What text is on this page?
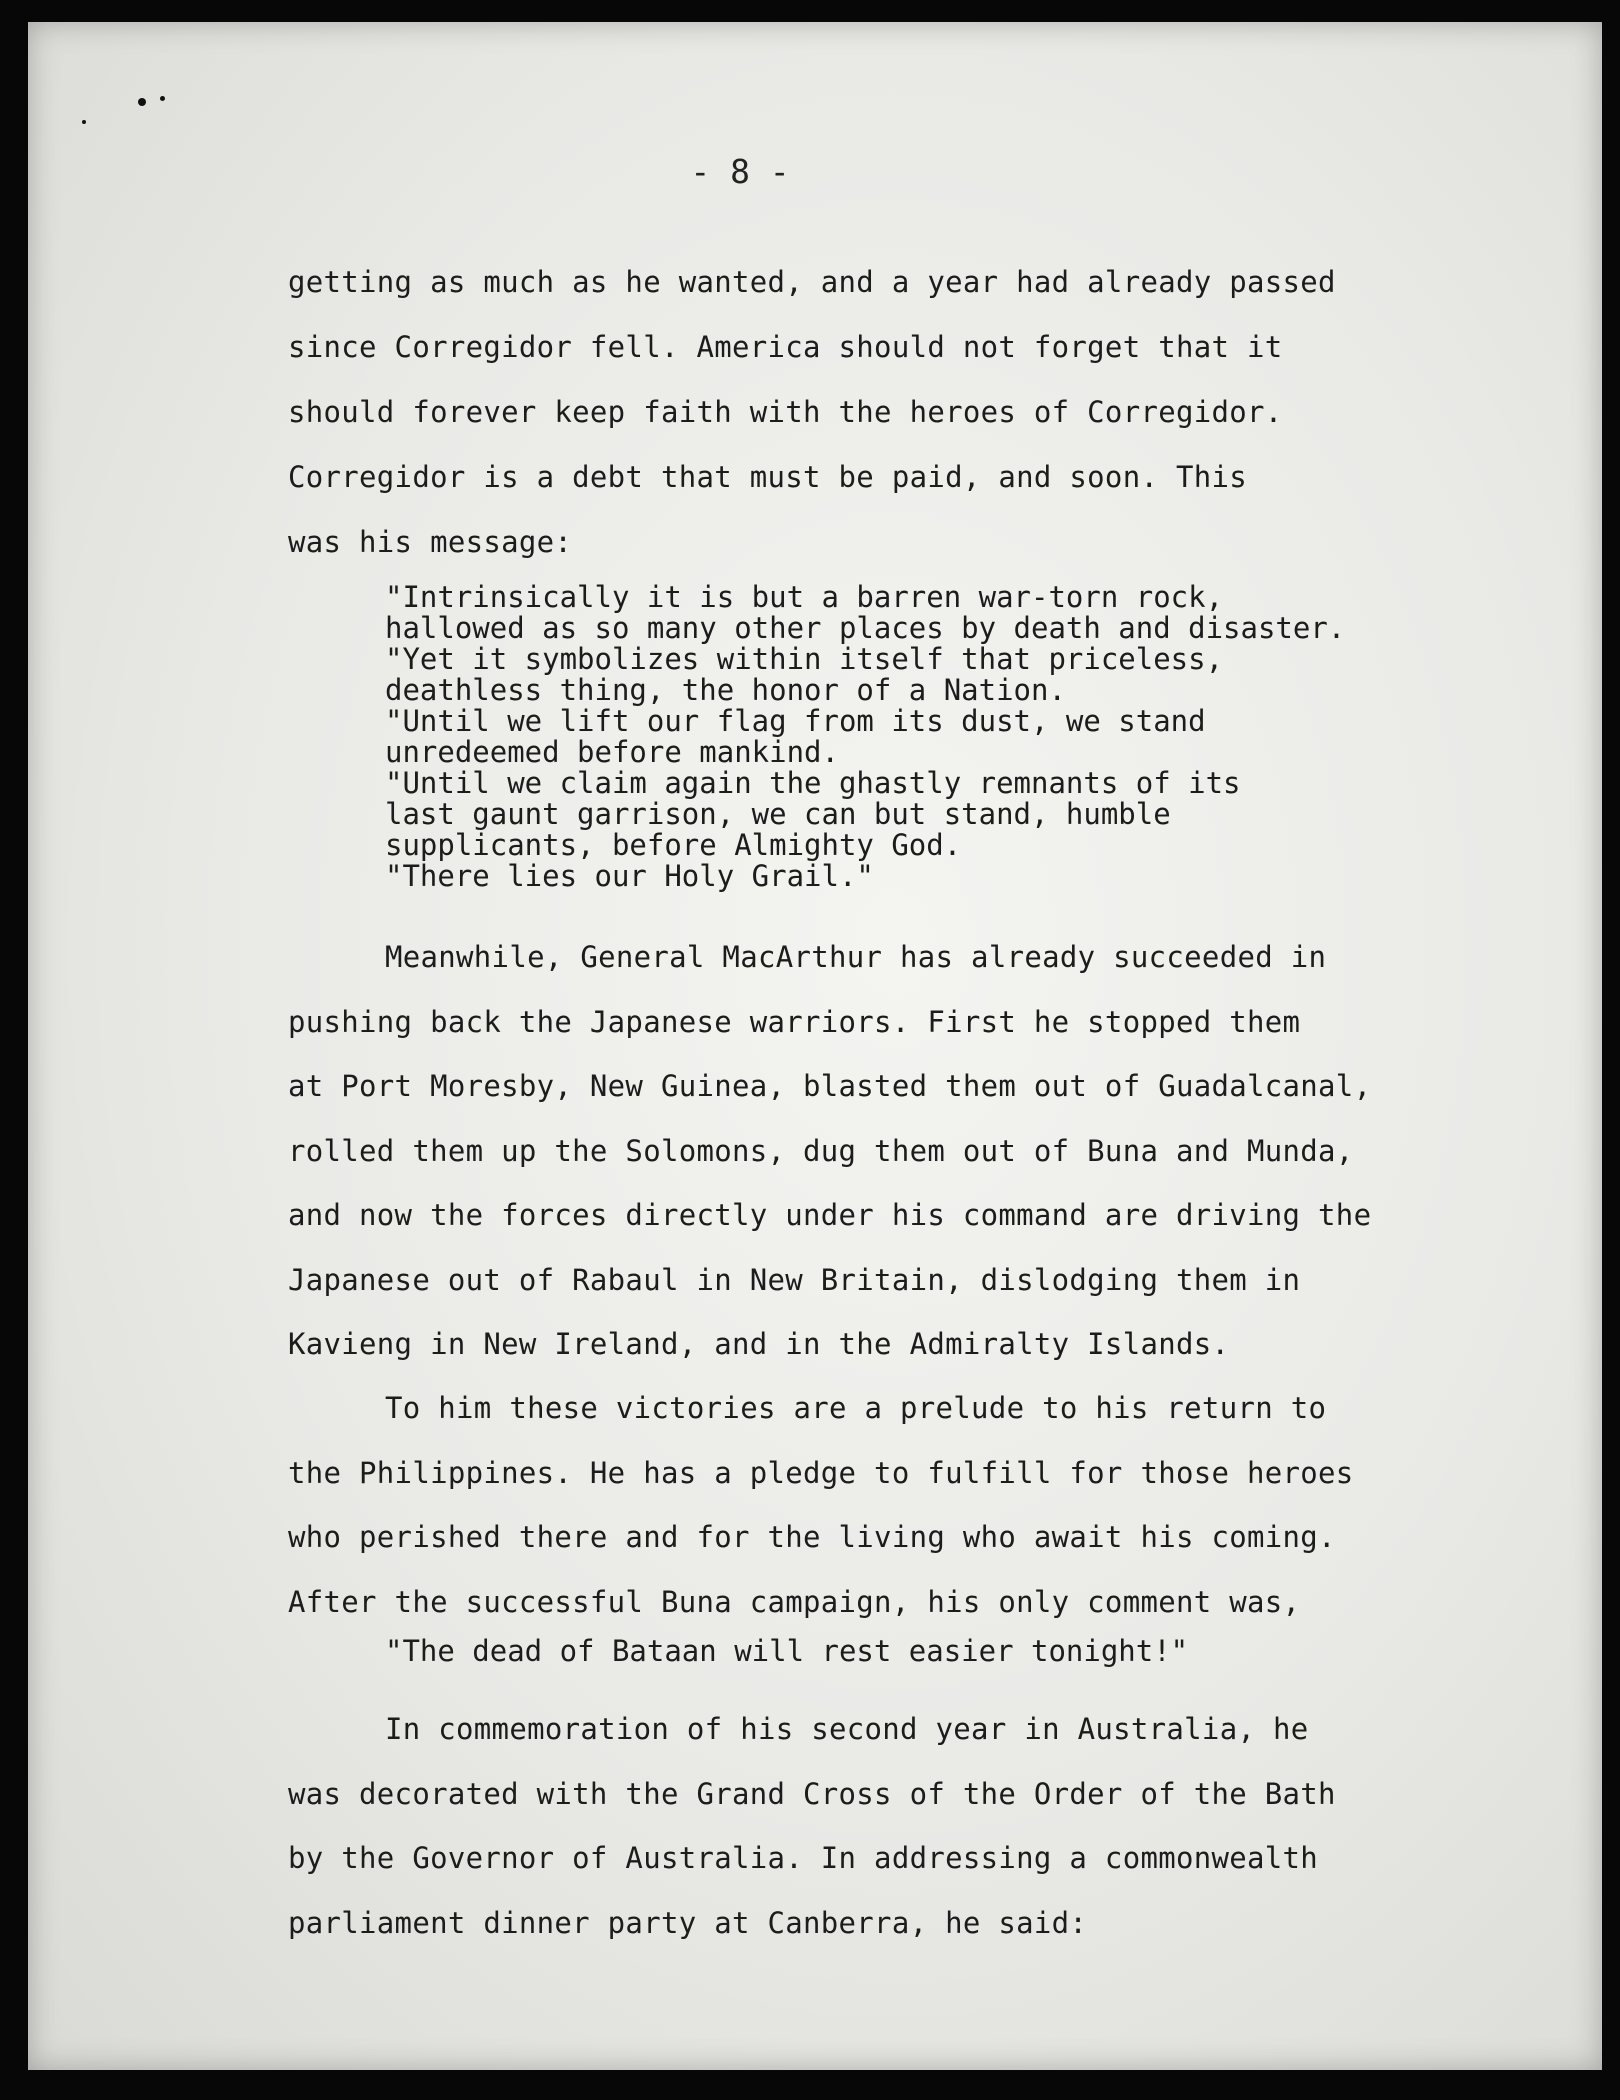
- 8 -
getting as much as he wanted, and a year had already passed
since Corregidor fell. America should not forget that it
should forever keep faith with the heroes of Corregidor.
Corregidor is a debt that must be paid, and soon. This
was his message:
"Intrinsically it is but a barren war-torn rock,
hallowed as so many other places by death and disaster.
"Yet it symbolizes within itself that priceless,
deathless thing, the honor of a Nation.
"Until we lift our flag from its dust, we stand
unredeemed before mankind.
"Until we claim again the ghastly remnants of its
last gaunt garrison, we can but stand, humble
supplicants, before Almighty God.
"There lies our Holy Grail."
Meanwhile, General MacArthur has already succeeded in
pushing back the Japanese warriors. First he stopped them
at Port Moresby, New Guinea, blasted them out of Guadalcanal,
rolled them up the Solomons, dug them out of Buna and Munda,
and now the forces directly under his command are driving the
Japanese out of Rabaul in New Britain, dislodging them in
Kavieng in New Ireland, and in the Admiralty Islands.
To him these victories are a prelude to his return to
the Philippines. He has a pledge to fulfill for those heroes
who perished there and for the living who await his coming.
After the successful Buna campaign, his only comment was,
"The dead of Bataan will rest easier tonight!"
In commemoration of his second year in Australia, he
was decorated with the Grand Cross of the Order of the Bath
by the Governor of Australia. In addressing a commonwealth
parliament dinner party at Canberra, he said:
